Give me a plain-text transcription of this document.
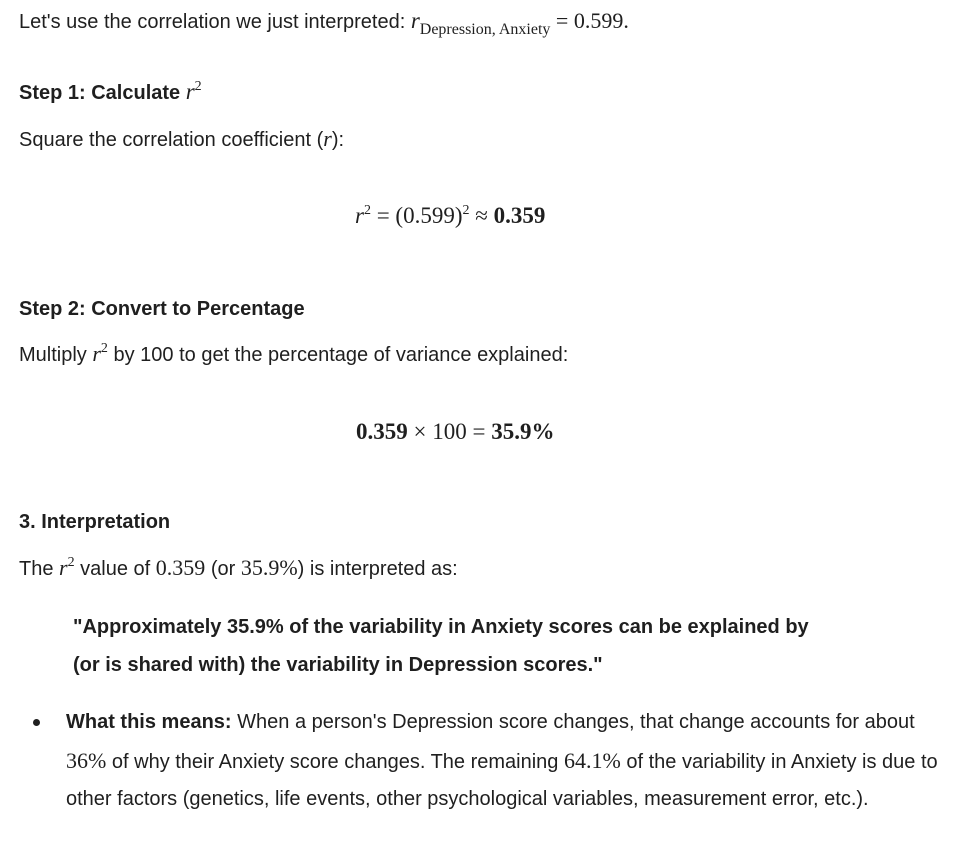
Let's use the correlation we just interpreted: $r_{Depression, Anxiety} = 0.599$.
Step 1: Calculate $r^2$
Square the correlation coefficient (r):
$r^2 = (0.599)^2 \approx 0.359$
Step 2: Convert to Percentage
Multiply $r^2$ by 100 to get the percentage of variance explained:
0.359 × 100 = 35.9%
3. Interpretation
The $r^2$ value of 0.359 (or 35.9%) is interpreted as:
"Approximately 35.9% of the variability in Anxiety scores can be explained by
(or is shared with) the variability in Depression scores."
What this means: When a person's Depression score changes, that change accounts for about 36% of why their Anxiety score changes. The remaining 64.1% of the variability in Anxiety is due to other factors (genetics, life events, other psychological variables, measurement error, etc.).
